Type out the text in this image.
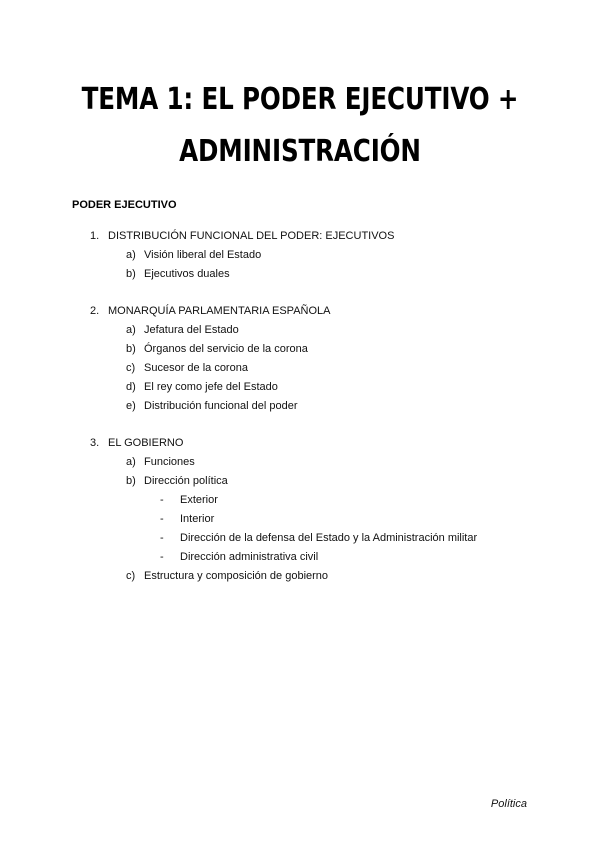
TEMA 1: EL PODER EJECUTIVO +
ADMINISTRACIÓN
PODER EJECUTIVO
1. DISTRIBUCIÓN FUNCIONAL DEL PODER: EJECUTIVOS
a) Visión liberal del Estado
b) Ejecutivos duales
2. MONARQUÍA PARLAMENTARIA ESPAÑOLA
a) Jefatura del Estado
b) Órganos del servicio de la corona
c) Sucesor de la corona
d) El rey como jefe del Estado
e) Distribución funcional del poder
3. EL GOBIERNO
a) Funciones
b) Dirección política
-	Exterior
-	Interior
-	Dirección de la defensa del Estado y la Administración militar
-	Dirección administrativa civil
c) Estructura y composición de gobierno
Política
